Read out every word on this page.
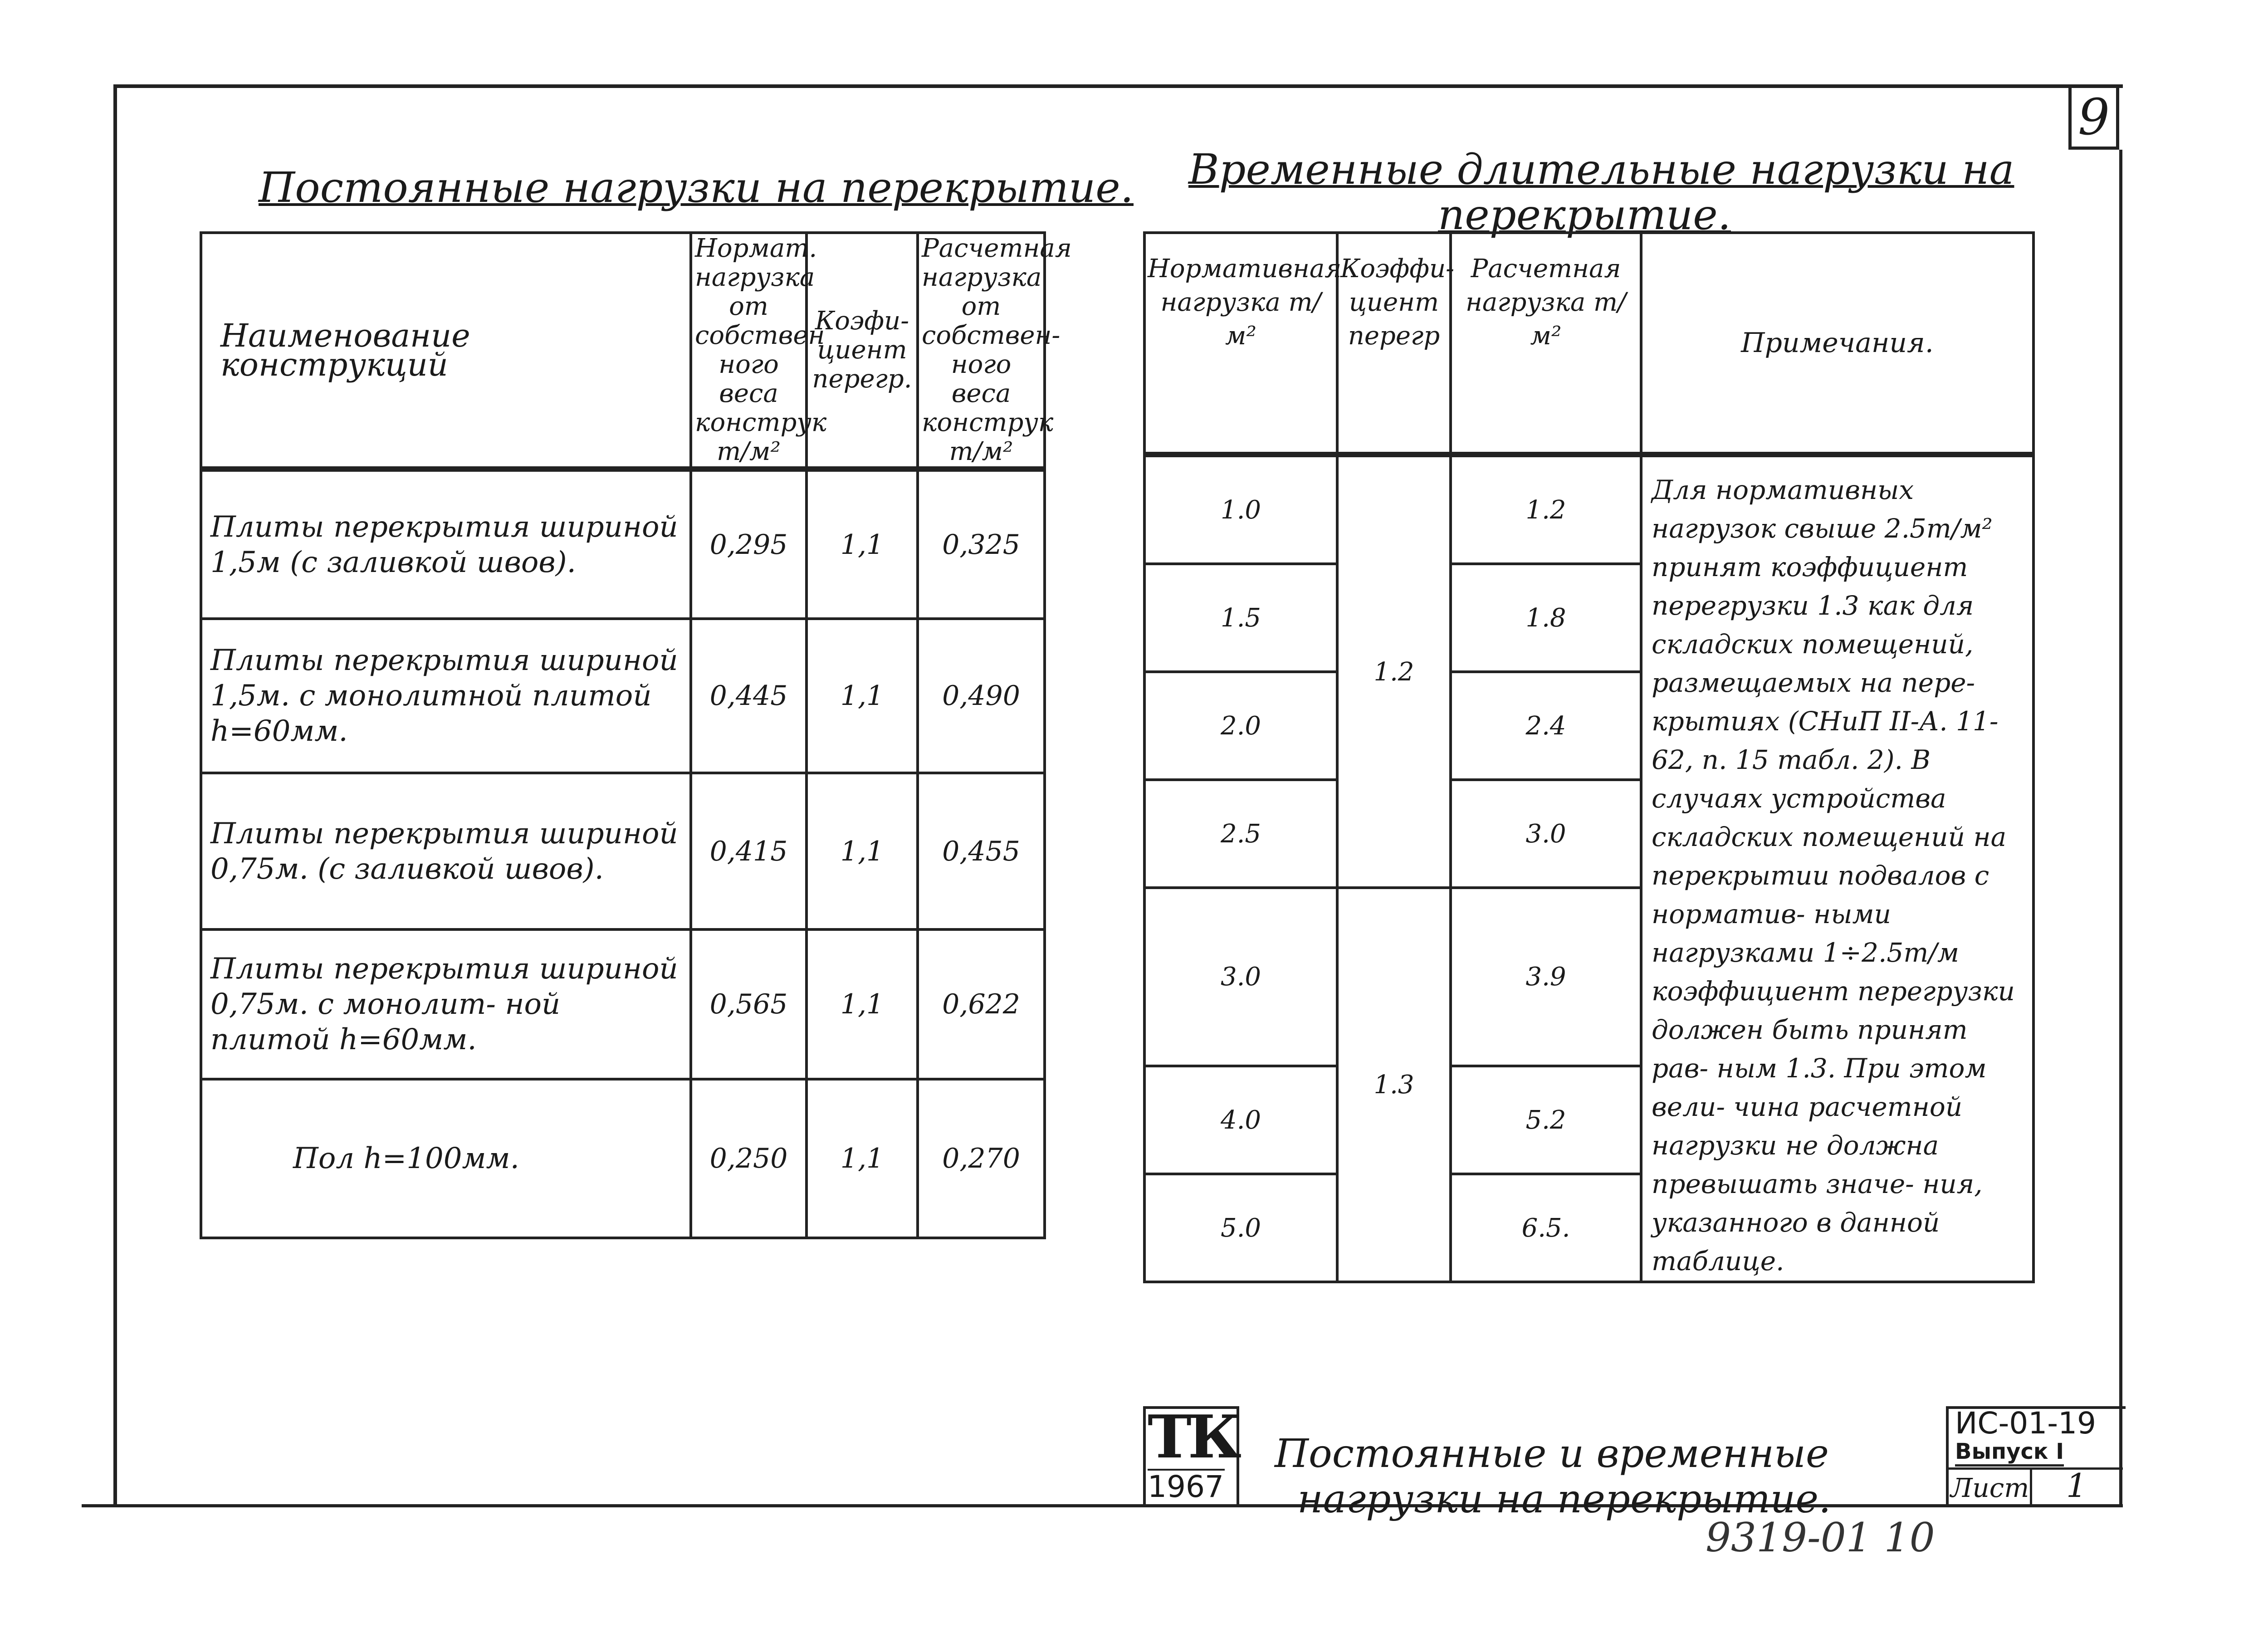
9
Постоянные нагрузки на перекрытие.
Наименование конструкций	Нормат. нагрузка от собствен ного веса конструк т/м²	Коэфи- циент перегр.	Расчетная нагрузка от собствен- ного веса конструк т/м²
Плиты перекрытия шириной 1,5м (с заливкой швов).	0,295	1,1	0,325
Плиты перекрытия шириной 1,5м. с монолитной плитой h=60мм.	0,445	1,1	0,490
Плиты перекрытия шириной 0,75м. (с заливкой швов).	0,415	1,1	0,455
Плиты перекрытия шириной 0,75м. с монолит- ной плитой h=60мм.	0,565	1,1	0,622
Пол h=100мм.	0,250	1,1	0,270
Временные длительные нагрузки на
перекрытие.
Нормативная нагрузка т/м²	Коэффи- циент перегр	Расчетная нагрузка т/м²	Примечания.
1.0	1.2	1.2	Для нормативных нагрузок свыше 2.5т/м² принят коэффициент перегрузки 1.3 как для складских помещений, размещаемых на пере- крытиях (СНиП II-А. 11-62, п. 15 табл. 2). В случаях устройства складских помещений на перекрытии подвалов с норматив- ными нагрузками 1÷2.5т/м коэффициент перегрузки должен быть принят рав- ным 1.3. При этом вели- чина расчетной нагрузки не должна превышать значе- ния, указанного в данной таблице.
1.5		1.8	
2.0		2.4	
2.5		3.0	
3.0	1.3	3.9	
4.0		5.2	
5.0		6.5.	
ТК
1967
Постоянные и временные
нагрузки на перекрытие.
ИС-01-19
Выпуск I
Лист 1
9319-01 10
